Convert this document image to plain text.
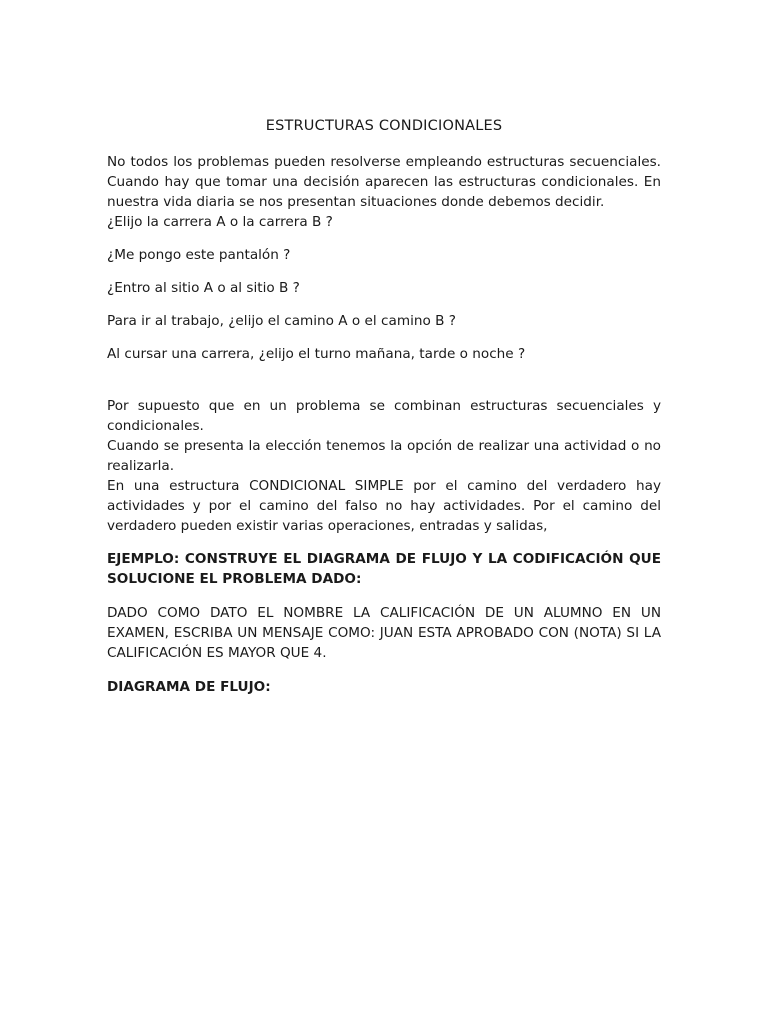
ESTRUCTURAS CONDICIONALES
No todos los problemas pueden resolverse empleando estructuras secuenciales. Cuando hay que tomar una decisión aparecen las estructuras condicionales. En nuestra vida diaria se nos presentan situaciones donde debemos decidir.
¿Elijo la carrera A o la carrera B ?
¿Me pongo este pantalón ?
¿Entro al sitio A o al sitio B ?
Para ir al trabajo, ¿elijo el camino A o el camino B ?
Al cursar una carrera, ¿elijo el turno mañana, tarde o noche ?
Por supuesto que en un problema se combinan estructuras secuenciales y condicionales.
Cuando se presenta la elección tenemos la opción de realizar una actividad o no realizarla.
En una estructura CONDICIONAL SIMPLE por el camino del verdadero hay actividades y por el camino del falso no hay actividades. Por el camino del verdadero pueden existir varias operaciones, entradas y salidas,
EJEMPLO: CONSTRUYE EL DIAGRAMA DE FLUJO Y LA CODIFICACIÓN QUE SOLUCIONE EL PROBLEMA DADO:
DADO COMO DATO EL NOMBRE LA CALIFICACIÓN DE UN ALUMNO EN UN EXAMEN, ESCRIBA UN MENSAJE COMO: JUAN ESTA APROBADO CON (NOTA) SI LA CALIFICACIÓN ES MAYOR QUE 4.
DIAGRAMA DE FLUJO:
